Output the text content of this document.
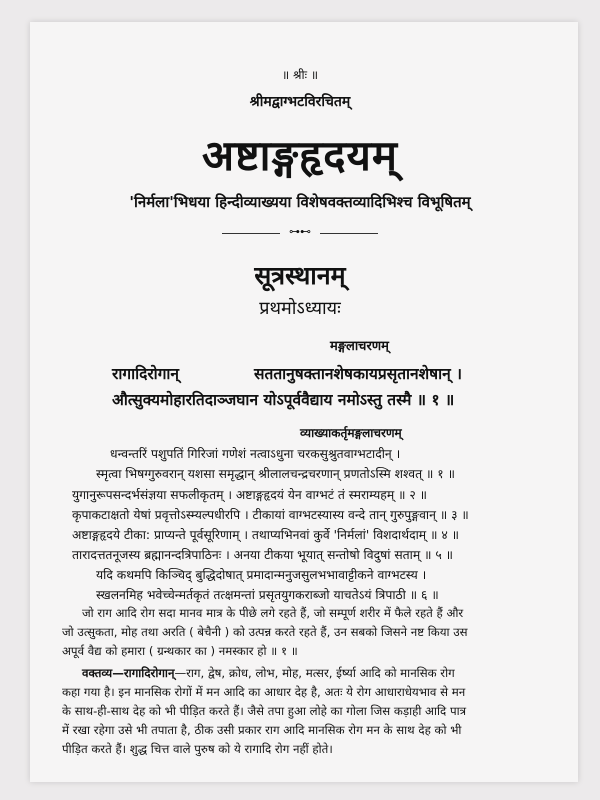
॥ श्रीः ॥
श्रीमद्वाग्भटविरचितम्
अष्टाङ्गहृदयम्
'निर्मला'भिधया हिन्दीव्याख्यया विशेषवक्तव्यादिभिश्च विभूषितम्
⊶⊷
सूत्रस्थानम्
प्रथमोऽध्यायः
मङ्गलाचरणम्
रागादिरोगान्	सततानुषक्तानशेषकायप्रसृतानशेषान् ।
औत्सुक्यमोहारतिदाञ्जघान योऽपूर्ववैद्याय नमोऽस्तु तस्मै ॥ १ ॥
व्याख्याकर्तृमङ्गलाचरणम्
धन्वन्तरिं पशुपतिं गिरिजां गणेशं नत्वाऽधुना चरकसुश्रुतवाग्भटादीन् ।
स्मृत्वा भिषग्गुरुवरान् यशसा समृद्धान् श्रीलालचन्द्रचरणान् प्रणतोऽस्मि शश्वत् ॥ १ ॥
युगानुरूपसन्दर्भसंज्ञया सफलीकृतम् । अष्टाङ्गहृदयं येन वाग्भटं तं स्मराम्यहम् ॥ २ ॥
कृपाकटाक्षतो येषां प्रवृत्तोऽस्म्यल्पधीरपि । टीकायां वाग्भटस्यास्य वन्दे तान् गुरुपुङ्गवान् ॥ ३ ॥
अष्टाङ्गहृदये टीका: प्राप्यन्ते पूर्वसूरिणाम् । तथाप्यभिनवां कुर्वे 'निर्मलां' विशदार्थदाम् ॥ ४ ॥
तारादत्ततनूजस्य ब्रह्मानन्दत्रिपाठिनः । अनया टीकया भूयात् सन्तोषो विदुषां सताम् ॥ ५ ॥
यदि कथमपि किञ्चिद् बुद्धिदोषात् प्रमादान्मनुजसुलभभावाट्टीकने वाग्भटस्य ।
स्खलनमिह भवेच्चेन्मर्तकृतं तत्क्षमन्तां प्रसृतयुगकराब्जो याचतेऽयं त्रिपाठी ॥ ६ ॥
जो राग आदि रोग सदा मानव मात्र के पीछे लगे रहते हैं, जो सम्पूर्ण शरीर में फैले रहते हैं और
जो उत्सुकता, मोह तथा अरति ( बेचैनी ) को उत्पन्न करते रहते हैं, उन सबको जिसने नष्ट किया उस
अपूर्व वैद्य को हमारा ( ग्रन्थकार का ) नमस्कार हो ॥ १ ॥
वक्तव्य—रागादिरोगान्—राग, द्वेष, क्रोध, लोभ, मोह, मत्सर, ईर्ष्या आदि को मानसिक रोग
कहा गया है। इन मानसिक रोगों में मन आदि का आधार देह है, अतः ये रोग आधाराधेयभाव से मन
के साथ-ही-साथ देह को भी पीड़ित करते हैं। जैसे तपा हुआ लोहे का गोला जिस कड़ाही आदि पात्र
में रखा रहेगा उसे भी तपाता है, ठीक उसी प्रकार राग आदि मानसिक रोग मन के साथ देह को भी
पीड़ित करते हैं। शुद्ध चित्त वाले पुरुष को ये रागादि रोग नहीं होते।
